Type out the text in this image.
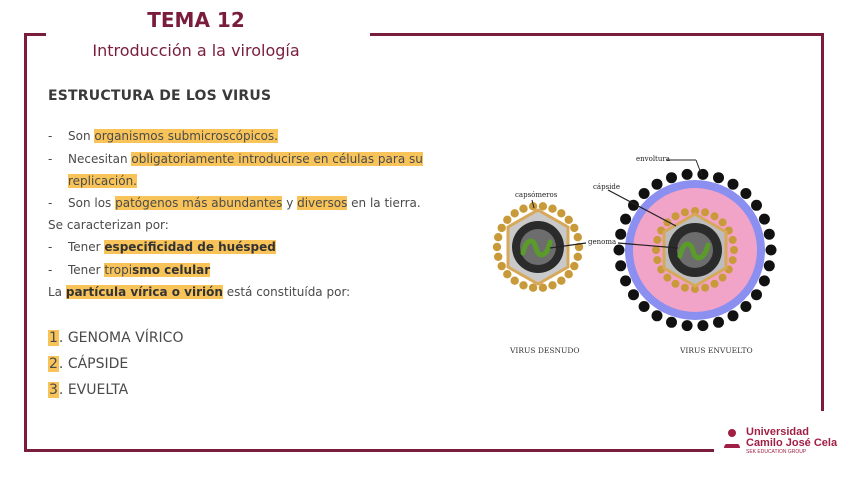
TEMA 12
Introducción a la virología
ESTRUCTURA DE LOS VIRUS
- Son organismos submicroscópicos.
- Necesitan obligatoriamente introducirse en células para su
replicación.
- Son los patógenos más abundantes y diversos en la tierra.
Se caracterizan por:
- Tener especificidad de huésped
- Tener tropismo celular
La partícula vírica o virión está constituída por:
1. GENOMA VÍRICO
2. CÁPSIDE
3. EVUELTA
capsómeros
genoma
envoltura
cápside
VIRUS DESNUDO	VIRUS ENVUELTO
Universidad
Camilo José Cela
SEK EDUCATION GROUP
